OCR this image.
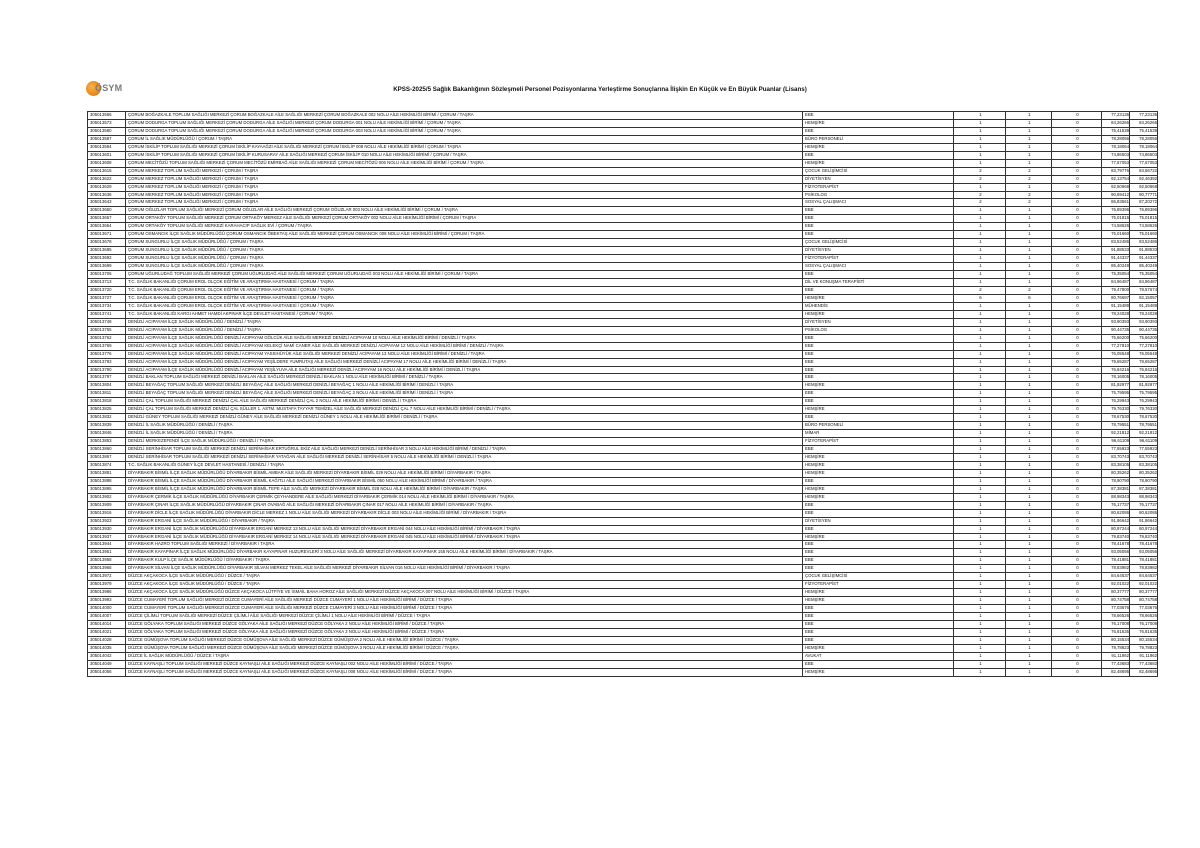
ÖSYM	KPSS-2025/5 Sağlık Bakanlığının Sözleşmeli Personel Pozisyonlarına Yerleştirme Sonuçlarına İlişkin En Küçük ve En Büyük Puanlar (Lisans)
305013566	ÇORUM BOĞAZKALE TOPLUM SAĞLIĞI MERKEZİ ÇORUM BOĞAZKALE AİLE SAĞLIĞI MERKEZİ ÇORUM BOĞAZKALE 002 NOLU AİLE HEKİMLİĞİ BİRİMİ / ÇORUM / TAŞRA	EBE	1	1	0	77,23136	77,23136
305013573	ÇORUM DODURGA TOPLUM SAĞLIĞI MERKEZİ ÇORUM DODURGA AİLE SAĞLIĞI MERKEZİ ÇORUM DODURGA 001 NOLU AİLE HEKİMLİĞİ BİRİMİ / ÇORUM / TAŞRA	HEMŞİRE	1	1	0	84,26266	84,26266
305013580	ÇORUM DODURGA TOPLUM SAĞLIĞI MERKEZİ ÇORUM DODURGA AİLE SAĞLIĞI MERKEZİ ÇORUM DODURGA 003 NOLU AİLE HEKİMLİĞİ BİRİMİ / ÇORUM / TAŞRA	EBE	1	1	0	75,41539	75,41539
305013587	ÇORUM İL SAĞLIK MÜDÜRLÜĞÜ / ÇORUM / TAŞRA	BÜRO PERSONELİ	1	1	0	78,28056	78,28056
305013594	ÇORUM İSKİLİP TOPLUM SAĞLIĞI MERKEZİ ÇORUM İSKİLİP KAYAAĞZI AİLE SAĞLIĞI MERKEZİ ÇORUM İSKİLİP 008 NOLU AİLE HEKİMLİĞİ BİRİMİ / ÇORUM / TAŞRA	HEMŞİRE	1	1	0	78,18064	78,18064
305013601	ÇORUM İSKİLİP TOPLUM SAĞLIĞI MERKEZİ ÇORUM İSKİLİP KURUSARAY AİLE SAĞLIĞI MERKEZİ ÇORUM İSKİLİP 010 NOLU AİLE HEKİMLİĞİ BİRİMİ / ÇORUM / TAŞRA	EBE	1	1	0	74,86503	74,86503
305013608	ÇORUM MECİTÖZÜ TOPLUM SAĞLIĞI MERKEZİ ÇORUM MECİTÖZÜ EMİRBAĞ AİLE SAĞLIĞI MERKEZİ ÇORUM MECİTÖZÜ 006 NOLU AİLE HEKİMLİĞİ BİRİMİ / ÇORUM / TAŞRA	HEMŞİRE	1	1	0	77,67053	77,67053
305013615	ÇORUM MERKEZ TOPLUM SAĞLIĞI MERKEZİ / ÇORUM / TAŞRA	ÇOCUK GELİŞİMCİSİ	2	2	0	83,79776	84,56722
305013622	ÇORUM MERKEZ TOPLUM SAĞLIĞI MERKEZİ / ÇORUM / TAŞRA	DİYETİSYEN	2	2	0	92,13754	92,46392
305013629	ÇORUM MERKEZ TOPLUM SAĞLIĞI MERKEZİ / ÇORUM / TAŞRA	FİZYOTERAPİST	1	1	0	92,50668	92,50668
305013636	ÇORUM MERKEZ TOPLUM SAĞLIĞI MERKEZİ / ÇORUM / TAŞRA	PSİKOLOG	2	2	0	90,69412	90,77771
305013643	ÇORUM MERKEZ TOPLUM SAĞLIĞI MERKEZİ / ÇORUM / TAŞRA	SOSYAL ÇALIŞMACI	2	2	0	86,83561	87,20272
305013650	ÇORUM OĞUZLAR TOPLUM SAĞLIĞI MERKEZİ ÇORUM OĞUZLAR AİLE SAĞLIĞI MERKEZİ ÇORUM OĞUZLAR 003 NOLU AİLE HEKİMLİĞİ BİRİMİ / ÇORUM / TAŞRA	EBE	1	1	0	76,89396	76,89396
305013657	ÇORUM ORTAKÖY TOPLUM SAĞLIĞI MERKEZİ ÇORUM ORTAKÖY MERKEZ AİLE SAĞLIĞI MERKEZİ ÇORUM ORTAKÖY 002 NOLU AİLE HEKİMLİĞİ BİRİMİ / ÇORUM / TAŞRA	EBE	1	1	0	75,01815	75,01815
305013664	ÇORUM ORTAKÖY TOPLUM SAĞLIĞI MERKEZİ KARAHACIP SAĞLIK EVİ / ÇORUM / TAŞRA	EBE	1	1	0	74,58626	74,58626
305013671	ÇORUM OSMANCIK İLÇE SAĞLIK MÜDÜRLÜĞÜ ÇORUM OSMANCIK ÖBEKTAŞ AİLE SAĞLIĞI MERKEZİ ÇORUM OSMANCIK 008 NOLU AİLE HEKİMLİĞİ BİRİMİ / ÇORUM / TAŞRA	EBE	1	1	0	75,01660	75,01660
305013678	ÇORUM SUNGURLU İLÇE SAĞLIK MÜDÜRLÜĞÜ / ÇORUM / TAŞRA	ÇOCUK GELİŞİMCİSİ	1	1	0	83,52486	83,52486
305013685	ÇORUM SUNGURLU İLÇE SAĞLIK MÜDÜRLÜĞÜ / ÇORUM / TAŞRA	DİYETİSYEN	1	1	0	91,88533	91,88533
305013692	ÇORUM SUNGURLU İLÇE SAĞLIK MÜDÜRLÜĞÜ / ÇORUM / TAŞRA	FİZYOTERAPİST	1	1	0	91,44337	91,44337
305013699	ÇORUM SUNGURLU İLÇE SAĞLIK MÜDÜRLÜĞÜ / ÇORUM / TAŞRA	SOSYAL ÇALIŞMACI	1	1	0	85,40249	85,40249
305013706	ÇORUM UĞURLUDAĞ TOPLUM SAĞLIĞI MERKEZİ ÇORUM UĞURLUDAĞ AİLE SAĞLIĞI MERKEZİ ÇORUM UĞURLUDAĞ 003 NOLU AİLE HEKİMLİĞİ BİRİMİ / ÇORUM / TAŞRA	EBE	1	1	0	75,35054	75,35054
305013713	T.C. SAĞLIK BAKANLIĞI ÇORUM EROL OLÇOK EĞİTİM VE ARAŞTIRMA HASTANESİ / ÇORUM / TAŞRA	DİL VE KONUŞMA TERAPİSTİ	1	1	0	84,96487	84,96487
305013720	T.C. SAĞLIK BAKANLIĞI ÇORUM EROL OLÇOK EĞİTİM VE ARAŞTIRMA HASTANESİ / ÇORUM / TAŞRA	EBE	2	2	0	79,47800	79,57674
305013727	T.C. SAĞLIK BAKANLIĞI ÇORUM EROL OLÇOK EĞİTİM VE ARAŞTIRMA HASTANESİ / ÇORUM / TAŞRA	HEMŞİRE	6	6	0	80,76697	82,15057
305013734	T.C. SAĞLIK BAKANLIĞI ÇORUM EROL OLÇOK EĞİTİM VE ARAŞTIRMA HASTANESİ / ÇORUM / TAŞRA	MÜHENDİS	1	1	0	91,15489	91,15489
305013741	T.C. SAĞLIK BAKANLIĞI KARGI AHMET HAMDİ AKPINAR İLÇE DEVLET HASTANESİ / ÇORUM / TAŞRA	HEMŞİRE	1	1	0	78,24028	78,24028
305013748	DENİZLİ ACIPAYAM İLÇE SAĞLIK MÜDÜRLÜĞÜ / DENİZLİ / TAŞRA	DİYETİSYEN	1	1	0	93,90393	93,90393
305013755	DENİZLİ ACIPAYAM İLÇE SAĞLIK MÜDÜRLÜĞÜ / DENİZLİ / TAŞRA	PSİKOLOG	1	1	0	90,44735	90,44735
305013762	DENİZLİ ACIPAYAM İLÇE SAĞLIK MÜDÜRLÜĞÜ DENİZLİ ACIPAYAM GÖLCÜK AİLE SAĞLIĞI MERKEZİ DENİZLİ ACIPAYAM 10 NOLU AİLE HEKİMLİĞİ BİRİMİ / DENİZLİ / TAŞRA	EBE	1	1	0	75,66200	75,66200
305013769	DENİZLİ ACIPAYAM İLÇE SAĞLIK MÜDÜRLÜĞÜ DENİZLİ ACIPAYAM KELEKÇİ NAMİ CANER AİLE SAĞLIĞI MERKEZİ DENİZLİ ACIPAYAM 12 NOLU AİLE HEKİMLİĞİ BİRİMİ / DENİZLİ / TAŞRA	EBE	1	1	0	77,27810	77,27810
305013776	DENİZLİ ACIPAYAM İLÇE SAĞLIK MÜDÜRLÜĞÜ DENİZLİ ACIPAYAM YASSIHÜYÜK AİLE SAĞLIĞI MERKEZİ DENİZLİ ACIPAYAM 13 NOLU AİLE HEKİMLİĞİ BİRİMİ / DENİZLİ / TAŞRA	EBE	1	1	0	76,05548	76,05548
305013783	DENİZLİ ACIPAYAM İLÇE SAĞLIK MÜDÜRLÜĞÜ DENİZLİ ACIPAYAM YEŞİLDERE YUMRUTAŞ AİLE SAĞLIĞI MERKEZİ DENİZLİ ACIPAYAM 17 NOLU AİLE HEKİMLİĞİ BİRİMİ / DENİZLİ / TAŞRA	EBE	1	1	0	79,65287	79,65287
305013790	DENİZLİ ACIPAYAM İLÇE SAĞLIK MÜDÜRLÜĞÜ DENİZLİ ACIPAYAM YEŞİLYUVA AİLE SAĞLIĞI MERKEZİ DENİZLİ ACIPAYAM 16 NOLU AİLE HEKİMLİĞİ BİRİMİ / DENİZLİ / TAŞRA	EBE	1	1	0	76,84216	76,84216
305013797	DENİZLİ BAKLAN TOPLUM SAĞLIĞI MERKEZİ DENİZLİ BAKLAN AİLE SAĞLIĞI MERKEZİ DENİZLİ BAKLAN 1 NOLU AİLE HEKİMLİĞİ BİRİMİ / DENİZLİ / TAŞRA	EBE	1	1	0	78,16005	78,16005
305013804	DENİZLİ BEYAĞAÇ TOPLUM SAĞLIĞI MERKEZİ DENİZLİ BEYAĞAÇ AİLE SAĞLIĞI MERKEZİ DENİZLİ BEYAĞAÇ 1 NOLU AİLE HEKİMLİĞİ BİRİMİ / DENİZLİ / TAŞRA	HEMŞİRE	1	1	0	81,92977	81,92977
305013811	DENİZLİ BEYAĞAÇ TOPLUM SAĞLIĞI MERKEZİ DENİZLİ BEYAĞAÇ AİLE SAĞLIĞI MERKEZİ DENİZLİ BEYAĞAÇ 3 NOLU AİLE HEKİMLİĞİ BİRİMİ / DENİZLİ / TAŞRA	EBE	1	1	0	75,79595	75,79595
305013818	DENİZLİ ÇAL TOPLUM SAĞLIĞI MERKEZİ DENİZLİ ÇAL AİLE SAĞLIĞI MERKEZİ DENİZLİ ÇAL 2 NOLU AİLE HEKİMLİĞİ BİRİMİ / DENİZLİ / TAŞRA	EBE	1	1	0	76,29943	76,29943
305013825	DENİZLİ ÇAL TOPLUM SAĞLIĞI MERKEZİ DENİZLİ ÇAL SÜLLER 1. ASTM. MUSTAFA TAYYAR TEMİZEL AİLE SAĞLIĞI MERKEZİ DENİZLİ ÇAL 7 NOLU AİLE HEKİMLİĞİ BİRİMİ / DENİZLİ / TAŞRA	HEMŞİRE	1	1	0	79,76330	79,76330
305013832	DENİZLİ GÜNEY TOPLUM SAĞLIĞI MERKEZİ DENİZLİ GÜNEY AİLE SAĞLIĞI MERKEZİ DENİZLİ GÜNEY 1 NOLU AİLE HEKİMLİĞİ BİRİMİ / DENİZLİ / TAŞRA	EBE	1	1	0	78,67530	78,67530
305013839	DENİZLİ İL SAĞLIK MÜDÜRLÜĞÜ / DENİZLİ / TAŞRA	BÜRO PERSONELİ	1	1	0	78,79551	78,79551
305013846	DENİZLİ İL SAĞLIK MÜDÜRLÜĞÜ / DENİZLİ / TAŞRA	MİMAR	1	1	0	92,21812	92,21812
305013853	DENİZLİ MERKEZEFENDİ İLÇE SAĞLIK MÜDÜRLÜĞÜ / DENİZLİ / TAŞRA	FİZYOTERAPİST	1	1	0	96,61109	96,61109
305013860	DENİZLİ SERİNHİSAR TOPLUM SAĞLIĞI MERKEZİ DENİZLİ SERİNHİSAR ERTUĞRUL EKİZ AİLE SAĞLIĞI MERKEZİ DENİZLİ SERİNHİSAR 3 NOLU AİLE HEKİMLİĞİ BİRİMİ / DENİZLİ / TAŞRA	EBE	1	1	0	77,55923	77,55923
305013867	DENİZLİ SERİNHİSAR TOPLUM SAĞLIĞI MERKEZİ DENİZLİ SERİNHİSAR YATAĞAN AİLE SAĞLIĞI MERKEZİ DENİZLİ SERİNHİSAR 5 NOLU AİLE HEKİMLİĞİ BİRİMİ / DENİZLİ / TAŞRA	HEMŞİRE	1	1	0	83,70743	83,70743
305013874	T.C. SAĞLIK BAKANLIĞI GÜNEY İLÇE DEVLET HASTANESİ / DENİZLİ / TAŞRA	HEMŞİRE	1	1	0	83,38105	83,38105
305013881	DİYARBAKIR BİSMİL İLÇE SAĞLIK MÜDÜRLÜĞÜ DİYARBAKIR BİSMİL AMBAR AİLE SAĞLIĞI MERKEZİ DİYARBAKIR BİSMİL 029 NOLU AİLE HEKİMLİĞİ BİRİMİ / DİYARBAKIR / TAŞRA	HEMŞİRE	1	1	0	80,35262	80,35262
305013888	DİYARBAKIR BİSMİL İLÇE SAĞLIK MÜDÜRLÜĞÜ DİYARBAKIR BİSMİL KAĞITLI AİLE SAĞLIĞI MERKEZİ DİYARBAKIR BİSMİL 050 NOLU AİLE HEKİMLİĞİ BİRİMİ / DİYARBAKIR / TAŞRA	EBE	1	1	0	78,90790	78,90790
305013895	DİYARBAKIR BİSMİL İLÇE SAĞLIK MÜDÜRLÜĞÜ DİYARBAKIR BİSMİL TEPE AİLE SAĞLIĞI MERKEZİ DİYARBAKIR BİSMİL 028 NOLU AİLE HEKİMLİĞİ BİRİMİ / DİYARBAKIR / TAŞRA	HEMŞİRE	1	1	0	87,38381	87,38381
305013902	DİYARBAKIR ÇERMİK İLÇE SAĞLIK MÜDÜRLÜĞÜ DİYARBAKIR ÇERMİK ÇEYHANDERE AİLE SAĞLIĞI MERKEZİ DİYARBAKIR ÇERMİK 014 NOLU AİLE HEKİMLİĞİ BİRİMİ / DİYARBAKIR / TAŞRA	HEMŞİRE	1	1	0	88,98343	88,98343
305013909	DİYARBAKIR ÇINAR İLÇE SAĞLIK MÜDÜRLÜĞÜ DİYARBAKIR ÇINAR OVABAĞ AİLE SAĞLIĞI MERKEZİ DİYARBAKIR ÇINAR 017 NOLU AİLE HEKİMLİĞİ BİRİMİ / DİYARBAKIR / TAŞRA	EBE	1	1	0	76,17737	76,17737
305013916	DİYARBAKIR DİCLE İLÇE SAĞLIK MÜDÜRLÜĞÜ DİYARBAKIR DİCLE MERKEZ 1 NOLU AİLE SAĞLIĞI MERKEZİ DİYARBAKIR DİCLE 003 NOLU AİLE HEKİMLİĞİ BİRİMİ / DİYARBAKIR / TAŞRA	EBE	1	1	0	80,62086	80,62086
305013923	DİYARBAKIR ERGANİ İLÇE SAĞLIK MÜDÜRLÜĞÜ / DİYARBAKIR / TAŞRA	DİYETİSYEN	1	1	0	91,86642	91,86642
305013930	DİYARBAKIR ERGANİ İLÇE SAĞLIK MÜDÜRLÜĞÜ DİYARBAKIR ERGANİ MERKEZ 13 NOLU AİLE SAĞLIĞI MERKEZİ DİYARBAKIR ERGANİ 044 NOLU AİLE HEKİMLİĞİ BİRİMİ / DİYARBAKIR / TAŞRA	EBE	1	1	0	80,97244	80,97244
305013937	DİYARBAKIR ERGANİ İLÇE SAĞLIK MÜDÜRLÜĞÜ DİYARBAKIR ERGANİ MERKEZ 14 NOLU AİLE SAĞLIĞI MERKEZİ DİYARBAKIR ERGANİ 045 NOLU AİLE HEKİMLİĞİ BİRİMİ / DİYARBAKIR / TAŞRA	HEMŞİRE	1	1	0	79,83740	79,83740
305013944	DİYARBAKIR HAZRO TOPLUM SAĞLIĞI MERKEZİ / DİYARBAKIR / TAŞRA	EBE	1	1	0	78,41678	78,41678
305013951	DİYARBAKIR KAYAPINAR İLÇE SAĞLIK MÜDÜRLÜĞÜ DİYARBAKIR KAYAPINAR HUZUREVLERİ 3 NOLU AİLE SAĞLIĞI MERKEZİ DİYARBAKIR KAYAPINAR 155 NOLU AİLE HEKİMLİĞİ BİRİMİ / DİYARBAKIR / TAŞRA	EBE	1	1	0	93,05056	93,05056
305013958	DİYARBAKIR KULP İLÇE SAĞLIK MÜDÜRLÜĞÜ / DİYARBAKIR / TAŞRA	EBE	1	1	0	78,41881	78,41881
305013965	DİYARBAKIR SİLVAN İLÇE SAĞLIK MÜDÜRLÜĞÜ DİYARBAKIR SİLVAN MERKEZ TEKEL AİLE SAĞLIĞI MERKEZİ DİYARBAKIR SİLVAN 016 NOLU AİLE HEKİMLİĞİ BİRİMİ / DİYARBAKIR / TAŞRA	EBE	1	1	0	78,83982	78,83982
305013972	DÜZCE AKÇAKOCA İLÇE SAĞLIK MÜDÜRLÜĞÜ / DÜZCE / TAŞRA	ÇOCUK GELİŞİMCİSİ	1	1	0	84,64537	84,64537
305013979	DÜZCE AKÇAKOCA İLÇE SAĞLIK MÜDÜRLÜĞÜ / DÜZCE / TAŞRA	FİZYOTERAPİST	1	1	0	92,01022	92,01022
305013986	DÜZCE AKÇAKOCA İLÇE SAĞLIK MÜDÜRLÜĞÜ DÜZCE AKÇAKOCA LÜTFİYE VE İSMAİL BAHA HOROZ AİLE SAĞLIĞI MERKEZİ DÜZCE AKÇAKOCA 007 NOLU AİLE HEKİMLİĞİ BİRİMİ / DÜZCE / TAŞRA	HEMŞİRE	1	1	0	80,37777	80,37777
305013993	DÜZCE CUMAYERİ TOPLUM SAĞLIĞI MERKEZİ DÜZCE CUMAYERİ AİLE SAĞLIĞI MERKEZİ DÜZCE CUMAYERİ 1 NOLU AİLE HEKİMLİĞİ BİRİMİ / DÜZCE / TAŞRA	HEMŞİRE	1	1	0	80,74758	80,74758
305014000	DÜZCE CUMAYERİ TOPLUM SAĞLIĞI MERKEZİ DÜZCE CUMAYERİ AİLE SAĞLIĞI MERKEZİ DÜZCE CUMAYERİ 3 NOLU AİLE HEKİMLİĞİ BİRİMİ / DÜZCE / TAŞRA	EBE	1	1	0	77,03676	77,03676
305014007	DÜZCE ÇİLİMLİ TOPLUM SAĞLIĞI MERKEZİ DÜZCE ÇİLİMLİ AİLE SAĞLIĞI MERKEZİ DÜZCE ÇİLİMLİ 1 NOLU AİLE HEKİMLİĞİ BİRİMİ / DÜZCE / TAŞRA	EBE	1	1	0	78,66526	78,66526
305014014	DÜZCE GÖLYAKA TOPLUM SAĞLIĞI MERKEZİ DÜZCE GÖLYAKA AİLE SAĞLIĞI MERKEZİ DÜZCE GÖLYAKA 2 NOLU AİLE HEKİMLİĞİ BİRİMİ / DÜZCE / TAŞRA	EBE	1	1	0	76,17008	76,17008
305014021	DÜZCE GÖLYAKA TOPLUM SAĞLIĞI MERKEZİ DÜZCE GÖLYAKA AİLE SAĞLIĞI MERKEZİ DÜZCE GÖLYAKA 3 NOLU AİLE HEKİMLİĞİ BİRİMİ / DÜZCE / TAŞRA	EBE	1	1	0	76,81635	76,81635
305014028	DÜZCE GÜMÜŞOVA TOPLUM SAĞLIĞI MERKEZİ DÜZCE GÜMÜŞOVA AİLE SAĞLIĞI MERKEZİ DÜZCE GÜMÜŞOVA 2 NOLU AİLE HEKİMLİĞİ BİRİMİ / DÜZCE / TAŞRA	EBE	1	1	0	80,15534	80,15534
305014035	DÜZCE GÜMÜŞOVA TOPLUM SAĞLIĞI MERKEZİ DÜZCE GÜMÜŞOVA AİLE SAĞLIĞI MERKEZİ DÜZCE GÜMÜŞOVA 3 NOLU AİLE HEKİMLİĞİ BİRİMİ / DÜZCE / TAŞRA	HEMŞİRE	1	1	0	79,78823	79,78823
305014042	DÜZCE İL SAĞLIK MÜDÜRLÜĞÜ / DÜZCE / TAŞRA	AVUKAT	1	1	0	91,11862	91,11862
305014049	DÜZCE KAYNAŞLI TOPLUM SAĞLIĞI MERKEZİ DÜZCE KAYNAŞLI AİLE SAĞLIĞI MERKEZİ DÜZCE KAYNAŞLI 002 NOLU AİLE HEKİMLİĞİ BİRİMİ / DÜZCE / TAŞRA	EBE	1	1	0	77,43683	77,43683
305014056	DÜZCE KAYNAŞLI TOPLUM SAĞLIĞI MERKEZİ DÜZCE KAYNAŞLI AİLE SAĞLIĞI MERKEZİ DÜZCE KAYNAŞLI 008 NOLU AİLE HEKİMLİĞİ BİRİMİ / DÜZCE / TAŞRA	HEMŞİRE	1	1	0	82,48695	82,48695
